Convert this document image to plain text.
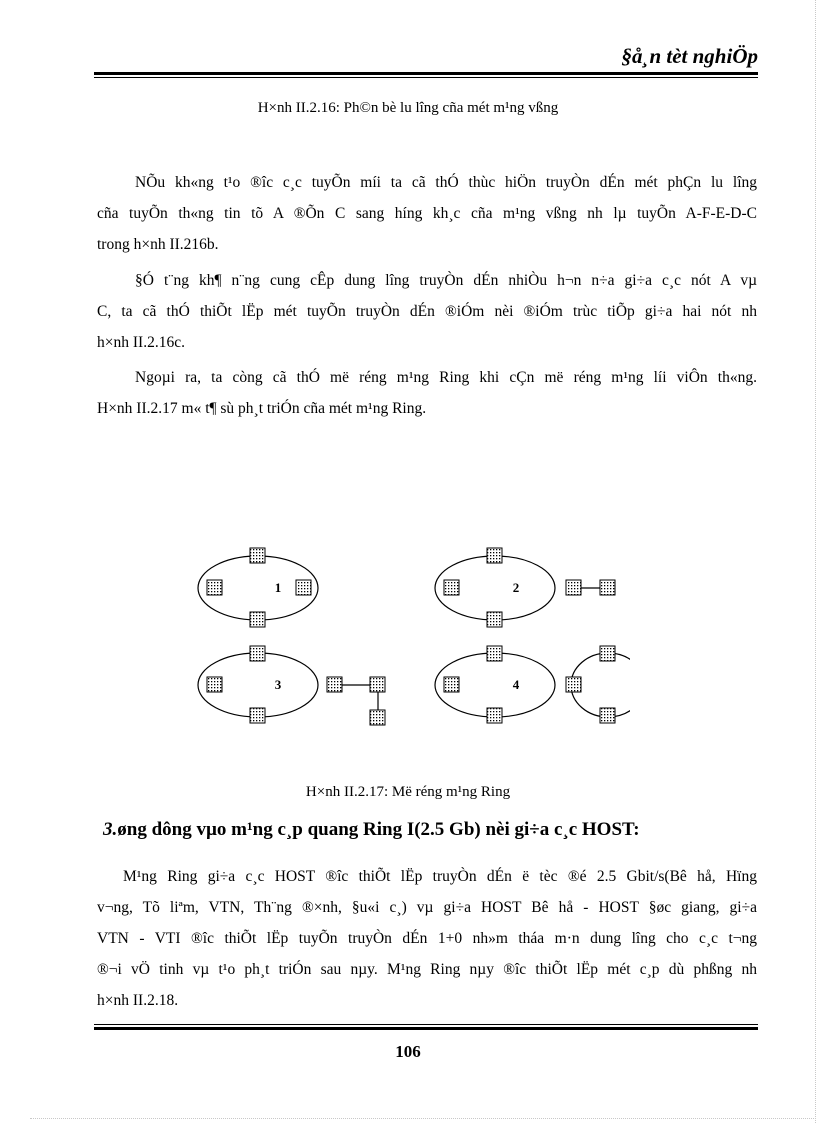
§å¸n tèt nghiÖp
H×nh II.2.16: Ph©n bè lu lîng cña mét m¹ng vßng
NÕu kh«ng t¹o ®îc c¸c tuyÕn míi ta cã thÓ thùc hiÖn truyÒn dÉn mét phÇn lu lîng
cña tuyÕn th«ng tin tõ A ®Õn C sang híng kh¸c cña m¹ng vßng nh lµ tuyÕn A-F-E-D-C
trong h×nh II.216b.
§Ó t¨ng kh¶ n¨ng cung cÊp dung lîng truyÒn dÉn nhiÒu h¬n n÷a gi÷a c¸c nót A vµ
C, ta cã thÓ thiÕt lËp mét tuyÕn truyÒn dÉn ®iÓm nèi ®iÓm trùc tiÕp gi÷a hai nót nh
h×nh II.2.16c.
Ngoµi ra, ta còng cã thÓ më réng m¹ng Ring khi cÇn më réng m¹ng líi viÔn th«ng.
H×nh II.2.17 m« t¶ sù ph¸t triÓn cña mét m¹ng Ring.
1	2
3	4
H×nh II.2.17: Më réng m¹ng Ring
3.øng dông vµo m¹ng c¸p quang Ring I(2.5 Gb) nèi gi÷a c¸c HOST:
M¹ng Ring gi÷a c¸c HOST ®îc thiÕt lËp truyÒn dÉn ë tèc ®é 2.5 Gbit/s(Bê hå, Hïng
v¬ng, Tõ liªm, VTN, Th¨ng ®×nh, §u«i c¸) vµ gi÷a HOST Bê hå - HOST §øc giang, gi÷a
VTN - VTI ®îc thiÕt lËp tuyÕn truyÒn dÉn 1+0 nh»m tháa m·n dung lîng cho c¸c t¬ng
®¬i vÖ tinh vµ t¹o ph¸t triÓn sau nµy. M¹ng Ring nµy ®îc thiÕt lËp mét c¸p dù phßng nh
h×nh II.2.18.
106
